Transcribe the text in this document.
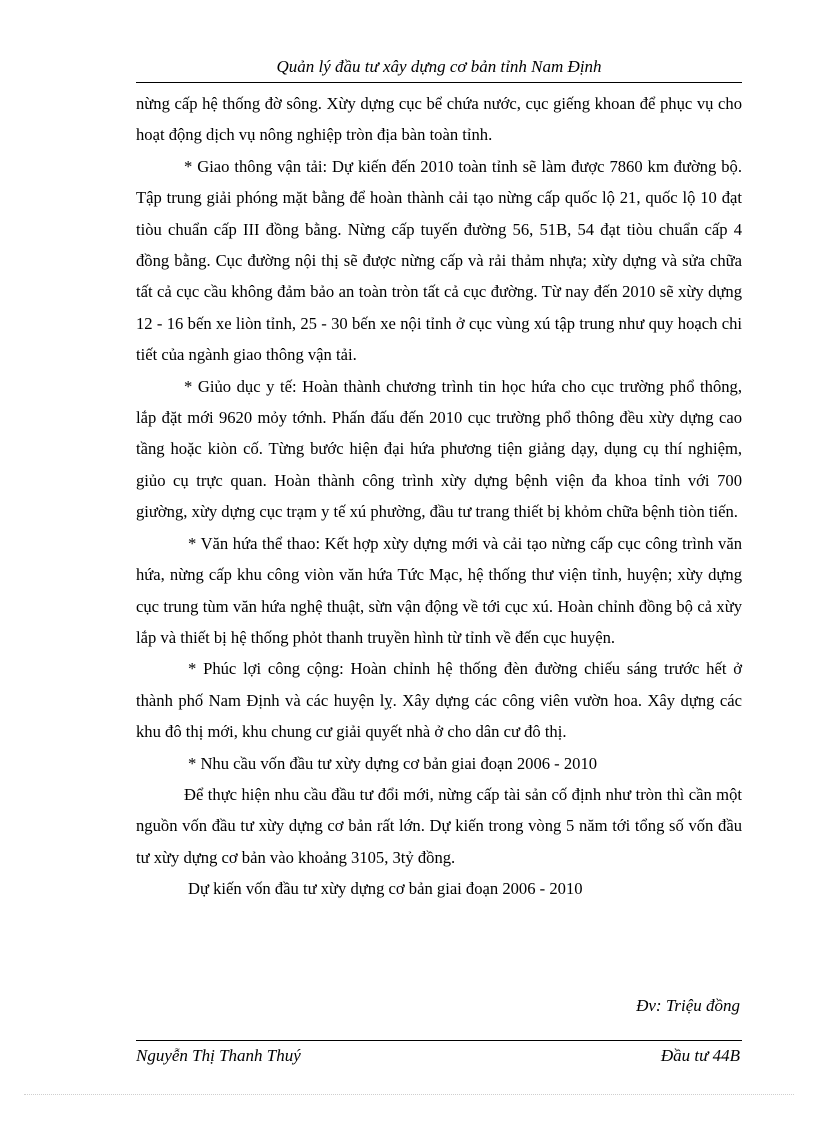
Quản lý đầu tư xây dựng cơ bản tỉnh Nam Định

nừng cấp hệ thống đờ sông. Xừy dựng cục bể chứa nước, cục giếng khoan để phục vụ cho hoạt động dịch vụ nông nghiệp tròn địa bàn toàn tỉnh.

* Giao thông vận tải: Dự kiến đến 2010 toàn tỉnh sẽ làm được 7860 km đường bộ. Tập trung giải phóng mặt bằng để hoàn thành cải tạo nừng cấp quốc lộ 21, quốc lộ 10 đạt tiòu chuẩn cấp III đồng bằng. Nừng cấp tuyến đường 56, 51B, 54 đạt tiòu chuẩn cấp 4 đồng bằng. Cục đường nội thị sẽ được nừng cấp và rải thảm nhựa; xừy dựng và sửa chữa tất cả cục cầu không đảm bảo an toàn tròn tất cả cục đường. Từ nay đến 2010 sẽ xừy dựng 12 - 16 bến xe liòn tỉnh, 25 - 30 bến xe nội tỉnh ở cục vùng xú tập trung như quy hoạch chi tiết của ngành giao thông vận tải.

* Giủo dục y tế: Hoàn thành chương trình tin học hứa cho cục trường phổ thông, lắp đặt mới 9620 mỏy tớnh. Phấn đấu đến 2010 cục trường phổ thông đều xừy dựng cao tầng hoặc kiòn cố. Từng bước hiện đại hứa phương tiện giảng dạy, dụng cụ thí nghiệm, giủo cụ trực quan. Hoàn thành công trình xừy dựng bệnh viện đa khoa tỉnh với 700 giường, xừy dựng cục trạm y tế xú phường, đầu tư trang thiết bị khỏm chữa bệnh tiòn tiến.

* Văn hứa thể thao: Kết hợp xừy dựng mới và cải tạo nừng cấp cục công trình văn hứa, nừng cấp khu công viòn văn hứa Tức Mạc, hệ thống thư viện tỉnh, huyện; xừy dựng cục trung tùm văn hứa nghệ thuật, sừn vận động về tới cục xú. Hoàn chỉnh đồng bộ cả xừy lắp và thiết bị hệ thống phỏt thanh truyền hình từ tỉnh về đến cục huyện.

* Phúc lợi công cộng: Hoàn chỉnh hệ thống đèn đường chiếu sáng trước hết ở thành phố Nam Định và các huyện lỵ. Xây dựng các công viên vườn hoa. Xây dựng các khu đô thị mới, khu chung cư giải quyết nhà ở cho dân cư đô thị.

* Nhu cầu vốn đầu tư xừy dựng cơ bản giai đoạn 2006 - 2010

Để thực hiện nhu cầu đầu tư đổi mới, nừng cấp tài sản cố định như tròn thì cần một nguồn vốn đầu tư xừy dựng cơ bản rất lớn. Dự kiến trong vòng 5 năm tới tổng số vốn đầu tư xừy dựng cơ bản vào khoảng 3105, 3tỷ đồng.

Dự kiến vốn đầu tư xừy dựng cơ bản giai đoạn 2006 - 2010

Đv: Triệu đồng
Nguyễn Thị Thanh Thuý	Đầu tư 44B
